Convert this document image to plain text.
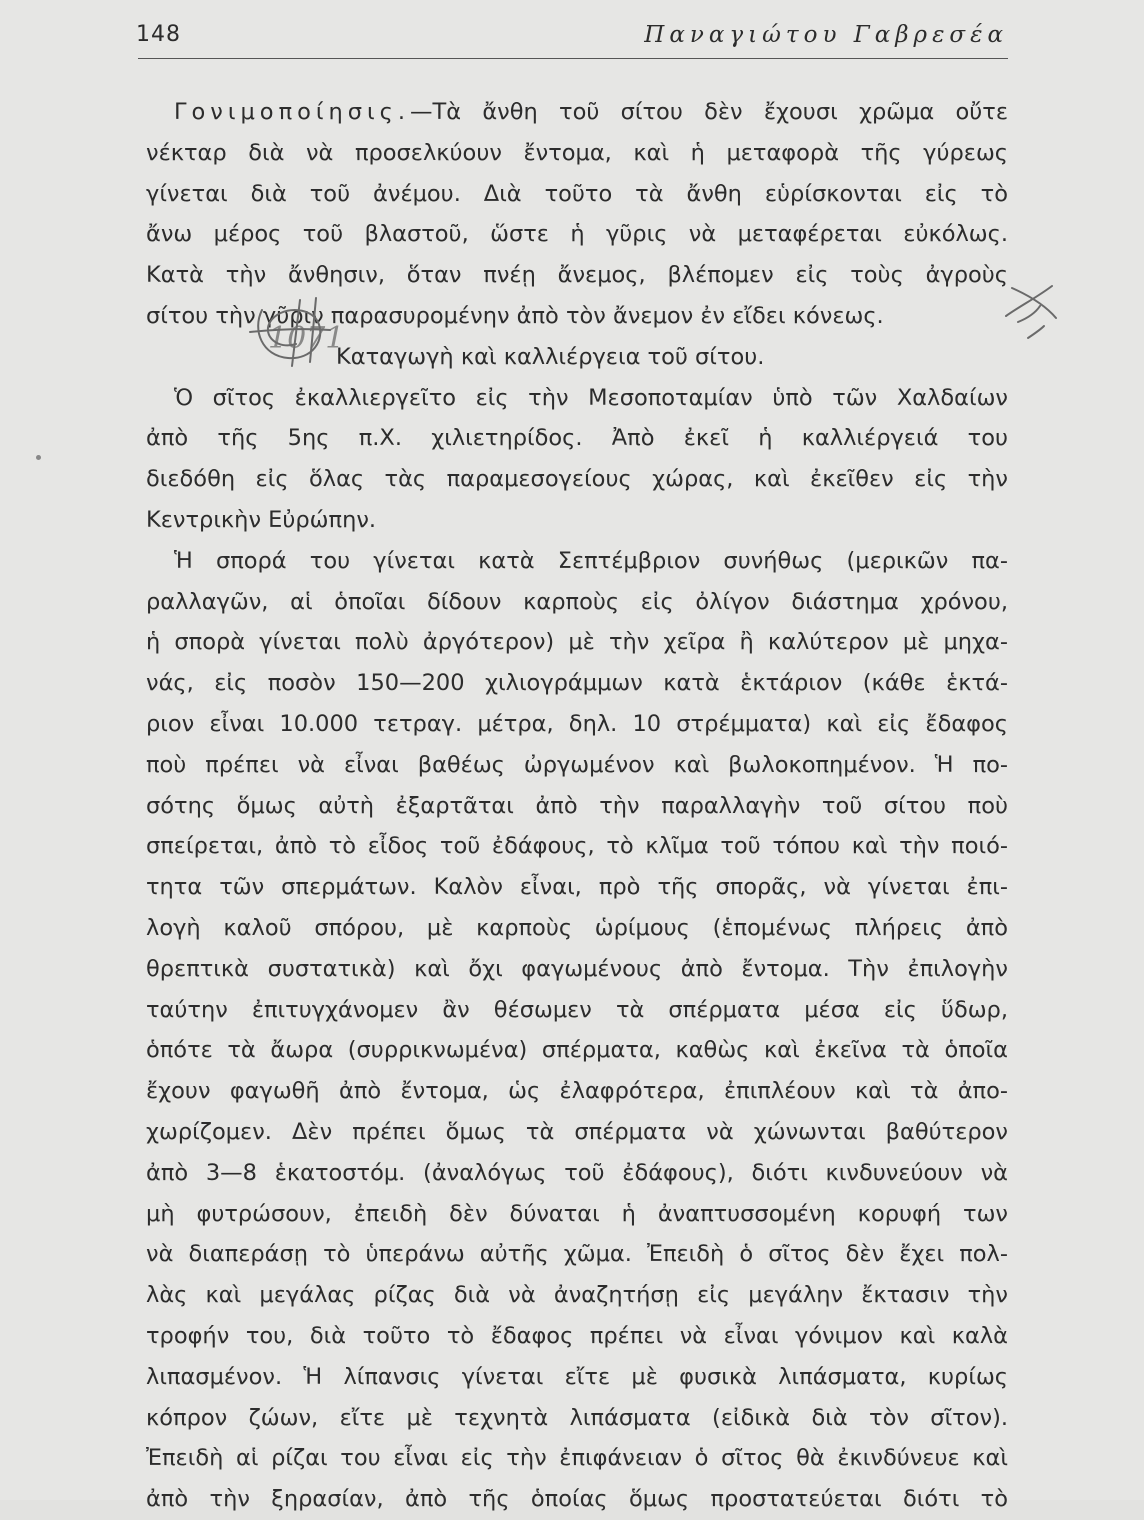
148	Παναγιώτου Γαβρεσέα
Γονιμοποίησις.—Τὰ ἄνθη τοῦ σίτου δὲν ἔχουσι χρῶμα οὔτε
νέκταρ διὰ νὰ προσελκύουν ἔντομα, καὶ ἡ μεταφορὰ τῆς γύρεως
γίνεται διὰ τοῦ ἀνέμου. Διὰ τοῦτο τὰ ἄνθη εὑρίσκονται εἰς τὸ
ἄνω μέρος τοῦ βλαστοῦ, ὥστε ἡ γῦρις νὰ μεταφέρεται εὐκόλως.
Κατὰ τὴν ἄνθησιν, ὅταν πνέῃ ἄνεμος, βλέπομεν εἰς τοὺς ἀγροὺς
σίτου τὴν γῦριν παρασυρομένην ἀπὸ τὸν ἄνεμον ἐν εἴδει κόνεως.
Καταγωγὴ καὶ καλλιέργεια τοῦ σίτου.
Ὁ σῖτος ἐκαλλιεργεῖτο εἰς τὴν Μεσοποταμίαν ὑπὸ τῶν Χαλδαίων
ἀπὸ τῆς 5ης π.Χ. χιλιετηρίδος. Ἀπὸ ἐκεῖ ἡ καλλιέργειά του
διεδόθη εἰς ὅλας τὰς παραμεσογείους χώρας, καὶ ἐκεῖθεν εἰς τὴν
Κεντρικὴν Εὐρώπην.
Ἡ σπορά του γίνεται κατὰ Σεπτέμβριον συνήθως (μερικῶν πα-
ραλλαγῶν, αἱ ὁποῖαι δίδουν καρποὺς εἰς ὀλίγον διάστημα χρόνου,
ἡ σπορὰ γίνεται πολὺ ἀργότερον) μὲ τὴν χεῖρα ἢ καλύτερον μὲ μηχα-
νάς, εἰς ποσὸν 150—200 χιλιογράμμων κατὰ ἑκτάριον (κάθε ἑκτά-
ριον εἶναι 10.000 τετραγ. μέτρα, δηλ. 10 στρέμματα) καὶ εἰς ἔδαφος
ποὺ πρέπει νὰ εἶναι βαθέως ὠργωμένον καὶ βωλοκοπημένον. Ἡ πο-
σότης ὅμως αὐτὴ ἐξαρτᾶται ἀπὸ τὴν παραλλαγὴν τοῦ σίτου ποὺ
σπείρεται, ἀπὸ τὸ εἶδος τοῦ ἐδάφους, τὸ κλῖμα τοῦ τόπου καὶ τὴν ποιό-
τητα τῶν σπερμάτων. Καλὸν εἶναι, πρὸ τῆς σπορᾶς, νὰ γίνεται ἐπι-
λογὴ καλοῦ σπόρου, μὲ καρποὺς ὡρίμους (ἑπομένως πλήρεις ἀπὸ
θρεπτικὰ συστατικὰ) καὶ ὄχι φαγωμένους ἀπὸ ἔντομα. Τὴν ἐπιλογὴν
ταύτην ἐπιτυγχάνομεν ἂν θέσωμεν τὰ σπέρματα μέσα εἰς ὕδωρ,
ὁπότε τὰ ἄωρα (συρρικνωμένα) σπέρματα, καθὼς καὶ ἐκεῖνα τὰ ὁποῖα
ἔχουν φαγωθῆ ἀπὸ ἔντομα, ὡς ἐλαφρότερα, ἐπιπλέουν καὶ τὰ ἀπο-
χωρίζομεν. Δὲν πρέπει ὅμως τὰ σπέρματα νὰ χώνωνται βαθύτερον
ἀπὸ 3—8 ἑκατοστόμ. (ἀναλόγως τοῦ ἐδάφους), διότι κινδυνεύουν νὰ
μὴ φυτρώσουν, ἐπειδὴ δὲν δύναται ἡ ἀναπτυσσομένη κορυφή των
νὰ διαπεράσῃ τὸ ὑπεράνω αὐτῆς χῶμα. Ἐπειδὴ ὁ σῖτος δὲν ἔχει πολ-
λὰς καὶ μεγάλας ρίζας διὰ νὰ ἀναζητήσῃ εἰς μεγάλην ἔκτασιν τὴν
τροφήν του, διὰ τοῦτο τὸ ἔδαφος πρέπει νὰ εἶναι γόνιμον καὶ καλὰ
λιπασμένον. Ἡ λίπανσις γίνεται εἴτε μὲ φυσικὰ λιπάσματα, κυρίως
κόπρον ζώων, εἴτε μὲ τεχνητὰ λιπάσματα (εἰδικὰ διὰ τὸν σῖτον).
Ἐπειδὴ αἱ ρίζαι του εἶναι εἰς τὴν ἐπιφάνειαν ὁ σῖτος θὰ ἐκινδύνευε καὶ
ἀπὸ τὴν ξηρασίαν, ἀπὸ τῆς ὁποίας ὅμως προστατεύεται διότι τὸ
1071
